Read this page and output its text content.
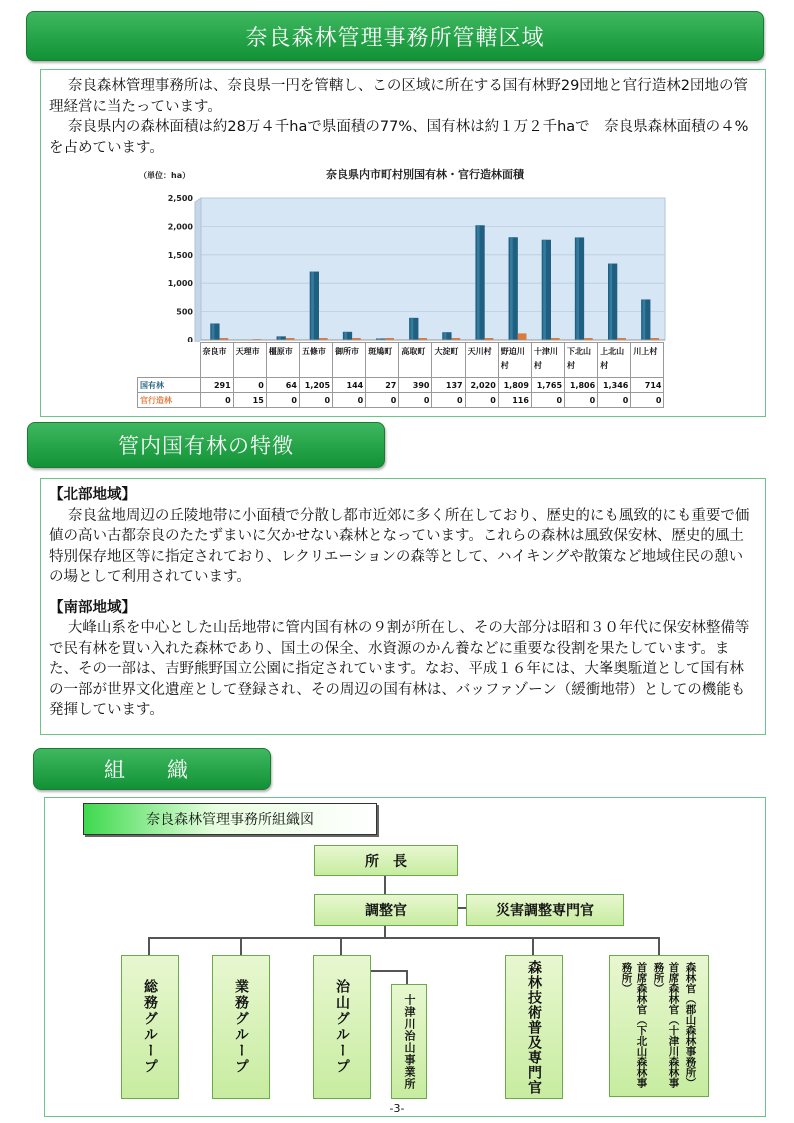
奈良森林管理事務所管轄区域

奈良森林管理事務所は、奈良県一円を管轄し、この区域に所在する国有林野29団地と官行造林2団地の管理経営に当たっています。

奈良県内の森林面積は約28万４千haで県面積の77%、国有林は約１万２千haで　奈良県森林面積の４%を占めています。

（単位：ha）	奈良県内市町村別国有林・官行造林面積
0
500
1,000
1,500
2,000
2,500
	奈良市	天理市	橿原市	五條市	御所市	斑鳩町	高取町	大淀町	天川村	野迫川村	十津川村	下北山村	上北山村	川上村
国有林	291	0	64	1,205	144	27	390	137	2,020	1,809	1,765	1,806	1,346	714
官行造林	0	15	0	0	0	0	0	0	0	116	0	0	0	0
管内国有林の特徴

【北部地域】

奈良盆地周辺の丘陵地帯に小面積で分散し都市近郊に多く所在しており、歴史的にも風致的にも重要で価値の高い古都奈良のたたずまいに欠かせない森林となっています。これらの森林は風致保安林、歴史的風土特別保存地区等に指定されており、レクリエーションの森等として、ハイキングや散策など地域住民の憩いの場として利用されています。

【南部地域】

大峰山系を中心とした山岳地帯に管内国有林の９割が所在し、その大部分は昭和３０年代に保安林整備等で民有林を買い入れた森林であり、国土の保全、水資源のかん養などに重要な役割を果たしています。また、その一部は、吉野熊野国立公園に指定されています。なお、平成１６年には、大峯奥駈道として国有林の一部が世界文化遺産として登録され、その周辺の国有林は、バッファゾーン（緩衝地帯）としての機能も発揮しています。

組　　織
奈良森林管理事務所組織図
所　長
調整官	災害調整専門官
総務グループ	業務グループ	治山グループ	十津川治山事業所	森林技術普及専門官	首席森林官（下北山森林事務所）	首席森林官（十津川森林事務所）	森林官（郡山森林事務所）
-3-
